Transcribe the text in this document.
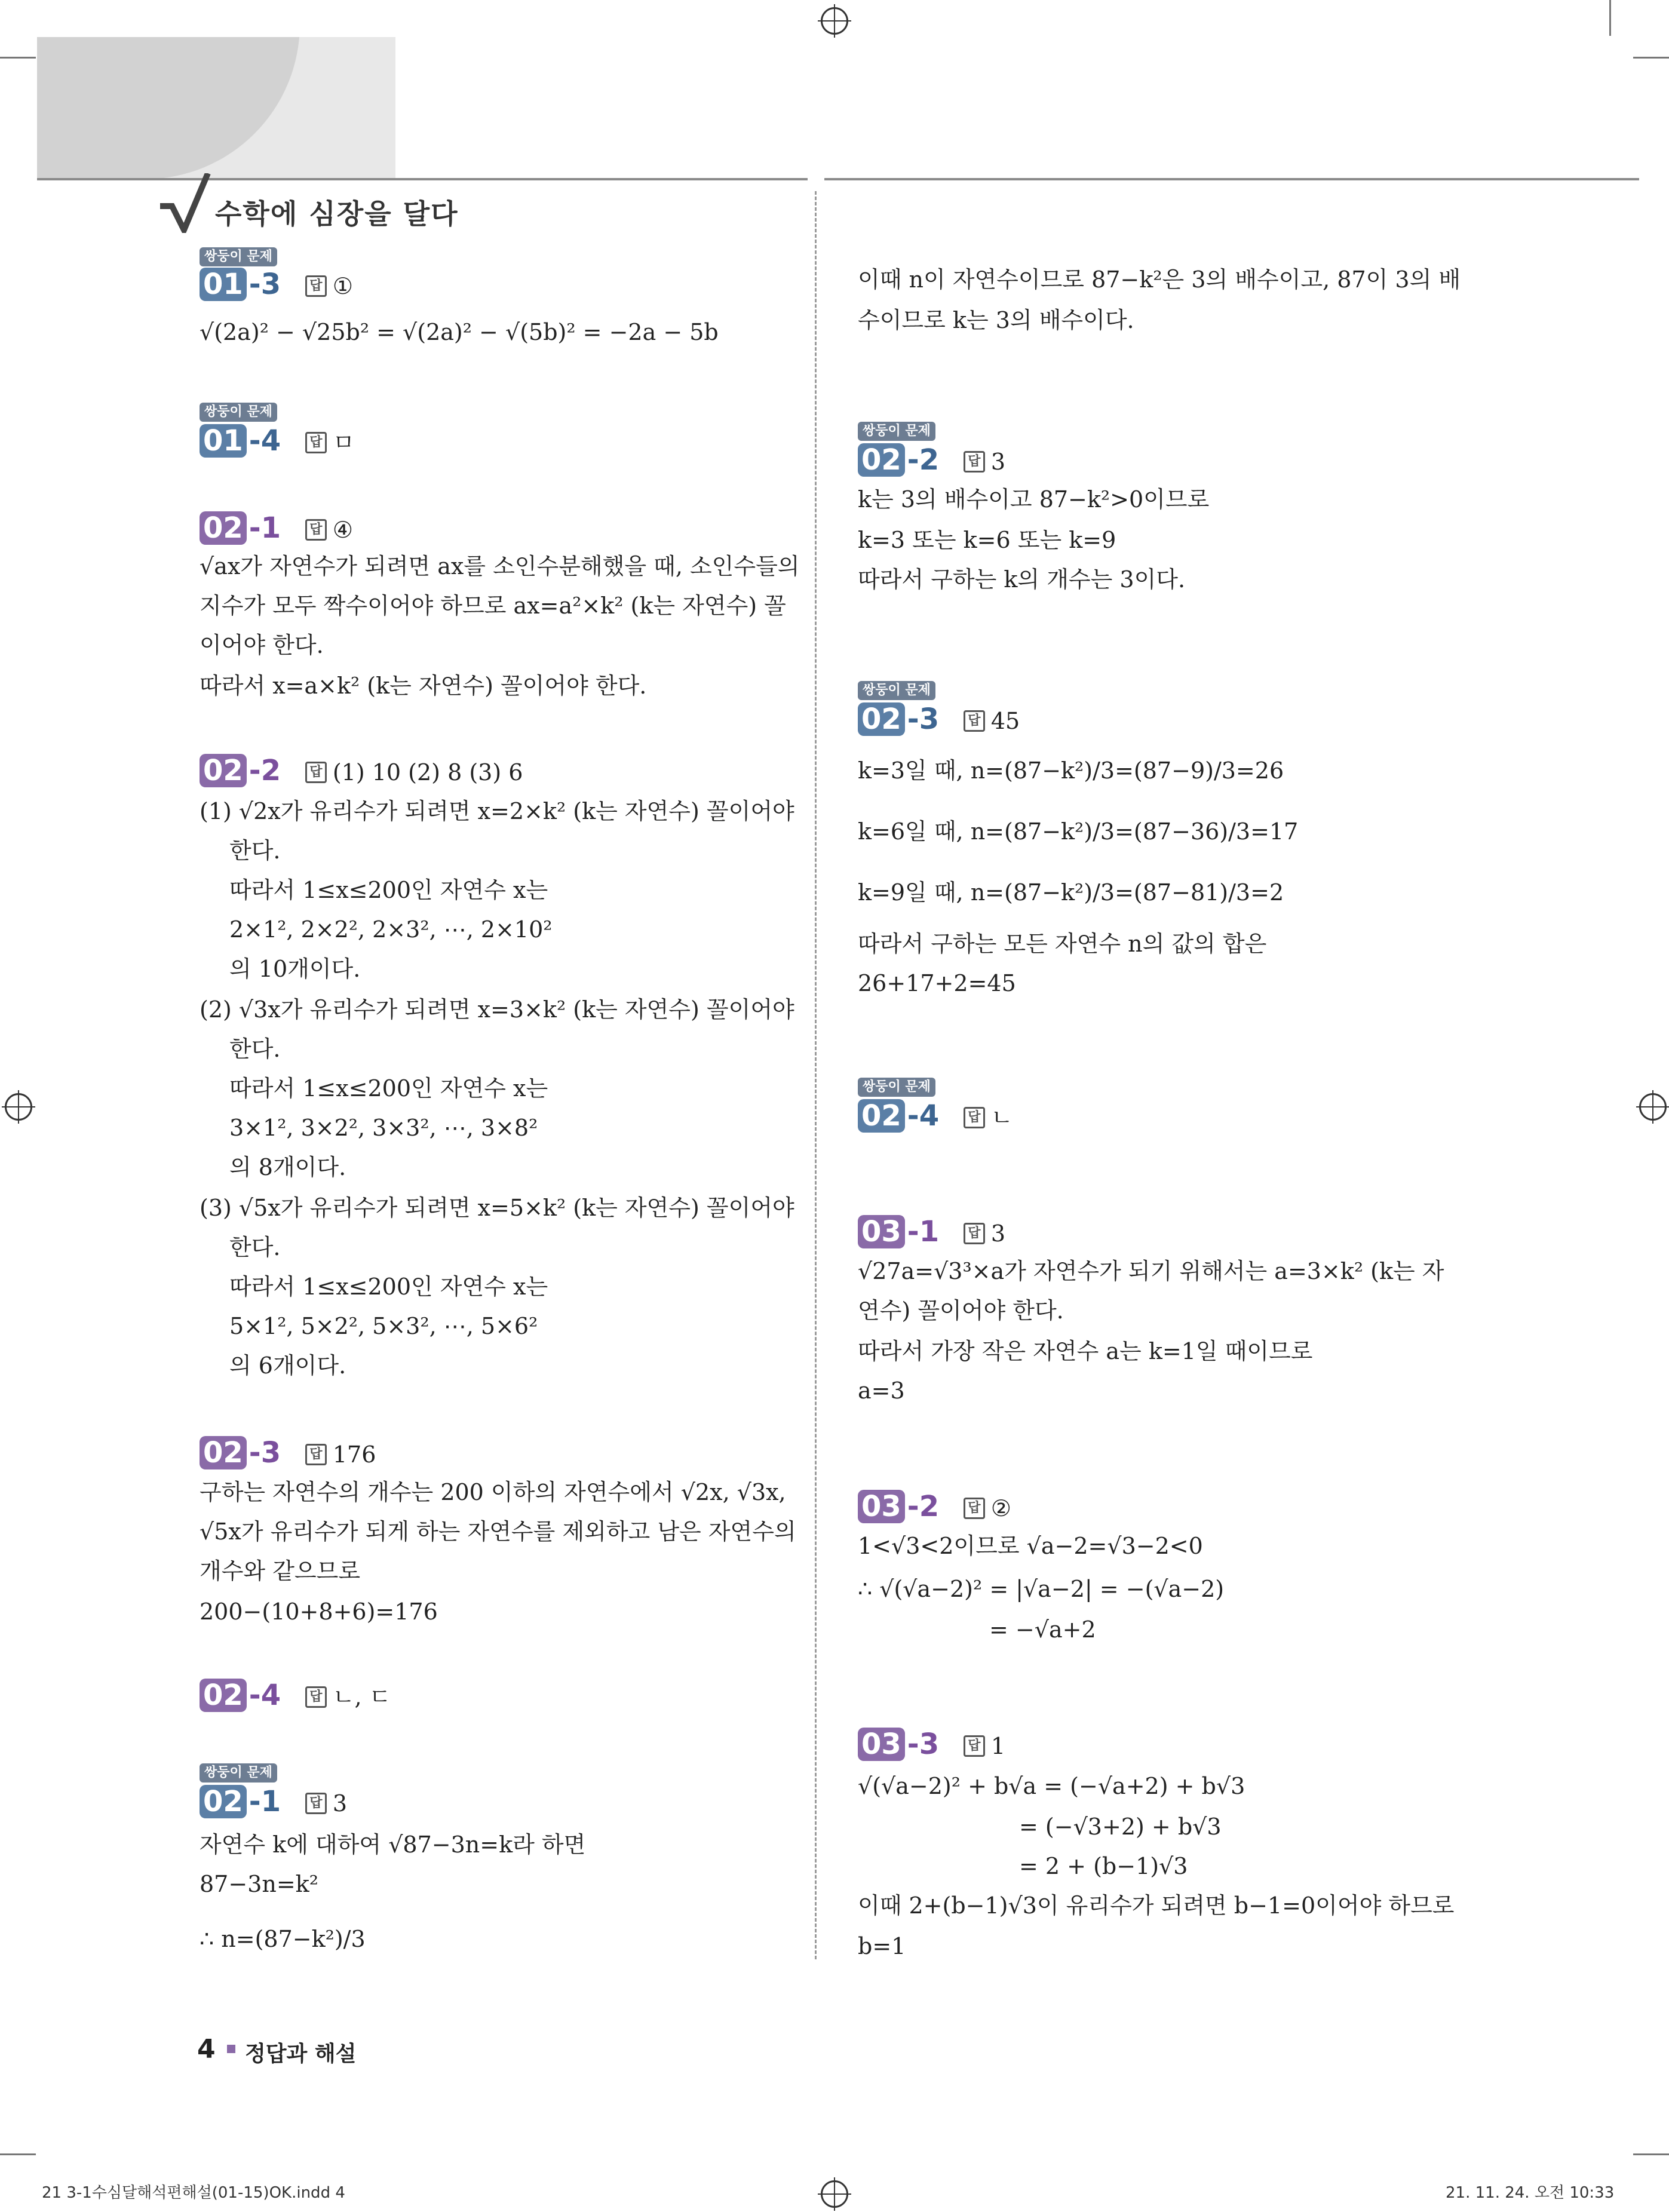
수학에 심장을 달다
쌍둥이 문제
01 -3 답 ①
√(2a)² − √25b² = √(2a)² − √(5b)² = −2a − 5b
쌍둥이 문제
01 -4 답 ㅁ
02 -1 답 ④
√ax가 자연수가 되려면 ax를 소인수분해했을 때, 소인수들의
지수가 모두 짝수이어야 하므로 ax=a²×k² (k는 자연수) 꼴
이어야 한다.
따라서 x=a×k² (k는 자연수) 꼴이어야 한다.
02 -2 답 (1) 10 (2) 8 (3) 6
(1) √2x가 유리수가 되려면 x=2×k² (k는 자연수) 꼴이어야
한다.
따라서 1≤x≤200인 자연수 x는
2×1², 2×2², 2×3², ⋯, 2×10²
의 10개이다.
(2) √3x가 유리수가 되려면 x=3×k² (k는 자연수) 꼴이어야
한다.
따라서 1≤x≤200인 자연수 x는
3×1², 3×2², 3×3², ⋯, 3×8²
의 8개이다.
(3) √5x가 유리수가 되려면 x=5×k² (k는 자연수) 꼴이어야
한다.
따라서 1≤x≤200인 자연수 x는
5×1², 5×2², 5×3², ⋯, 5×6²
의 6개이다.
02 -3 답 176
구하는 자연수의 개수는 200 이하의 자연수에서 √2x, √3x,
√5x가 유리수가 되게 하는 자연수를 제외하고 남은 자연수의
개수와 같으므로
200−(10+8+6)=176
02 -4 답 ㄴ, ㄷ
쌍둥이 문제
02 -1 답 3
자연수 k에 대하여 √87−3n=k라 하면
87−3n=k²
∴ n=(87−k²)/3
이때 n이 자연수이므로 87−k²은 3의 배수이고, 87이 3의 배
수이므로 k는 3의 배수이다.
쌍둥이 문제
02 -2 답 3
k는 3의 배수이고 87−k²>0이므로
k=3 또는 k=6 또는 k=9
따라서 구하는 k의 개수는 3이다.
쌍둥이 문제
02 -3 답 45
k=3일 때, n=(87−k²)/3=(87−9)/3=26
k=6일 때, n=(87−k²)/3=(87−36)/3=17
k=9일 때, n=(87−k²)/3=(87−81)/3=2
따라서 구하는 모든 자연수 n의 값의 합은
26+17+2=45
쌍둥이 문제
02 -4 답 ㄴ
03 -1 답 3
√27a=√3³×a가 자연수가 되기 위해서는 a=3×k² (k는 자
연수) 꼴이어야 한다.
따라서 가장 작은 자연수 a는 k=1일 때이므로
a=3
03 -2 답 ②
1<√3<2이므로 √a−2=√3−2<0
∴ √(√a−2)² = |√a−2| = −(√a−2)
= −√a+2
03 -3 답 1
√(√a−2)² + b√a = (−√a+2) + b√3
= (−√3+2) + b√3
= 2 + (b−1)√3
이때 2+(b−1)√3이 유리수가 되려면 b−1=0이어야 하므로
b=1
4 정답과 해설
21 3-1수심달해석편해설(01-15)OK.indd 4	21. 11. 24. 오전 10:33
